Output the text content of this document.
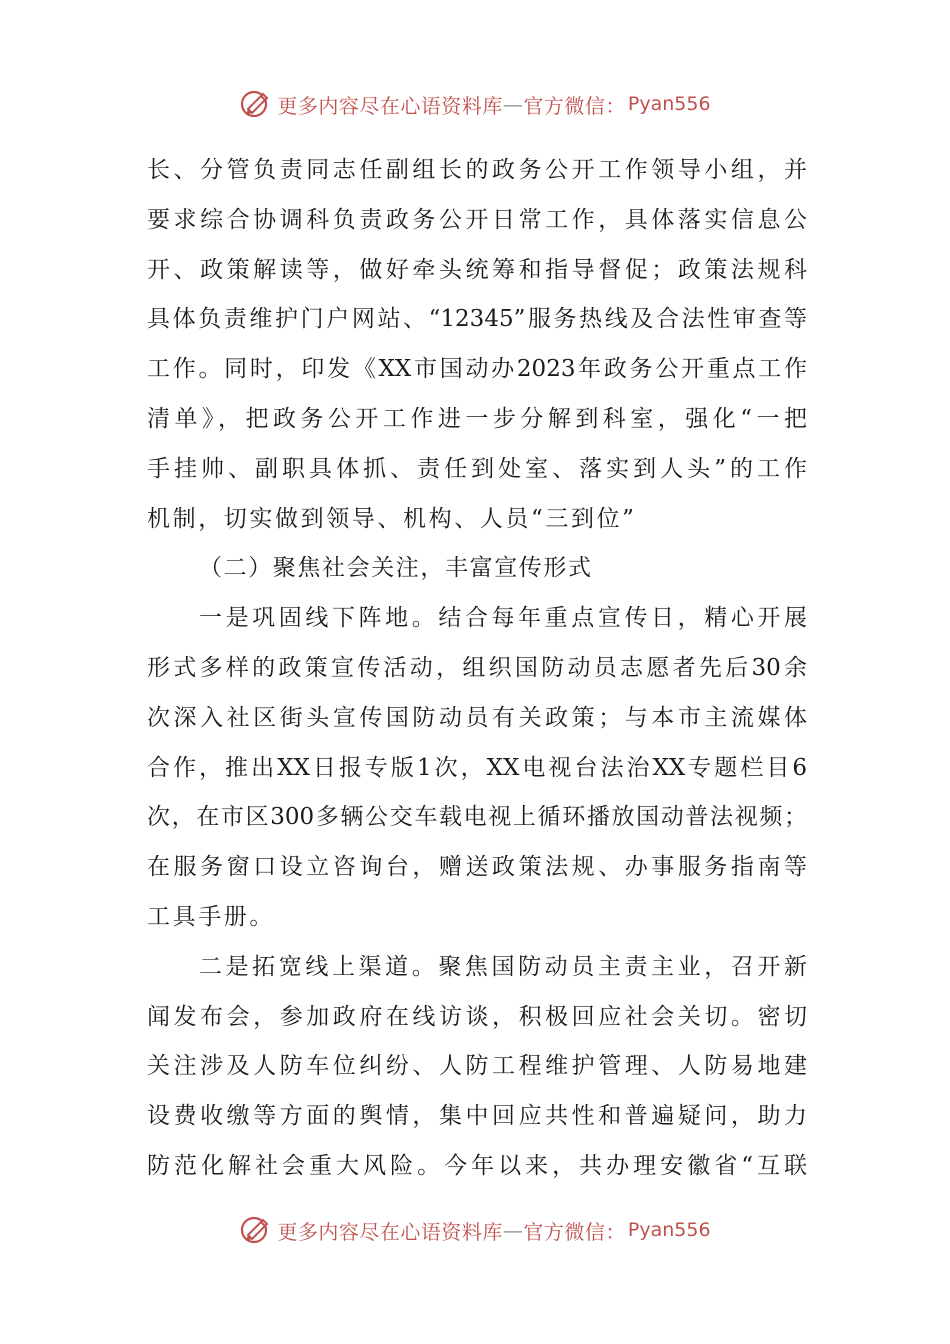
更多内容尽在心语资料库 — 官方微信： Pyan556
长、分管负责同志任副组长的政务公开工作领导小组，并
要求综合协调科负责政务公开日常工作，具体落实信息公
开、政策解读等，做好牵头统筹和指导督促；政策法规科
具体负责维护门户网站、“12345”服务热线及合法性审查等
工作。同时，印发《XX市国动办2023年政务公开重点工作
清单》，把政务公开工作进一步分解到科室，强化“一把
手挂帅、副职具体抓、责任到处室、落实到人头”的工作
机制，切实做到领导、机构、人员“三到位”
（二）聚焦社会关注，丰富宣传形式
一是巩固线下阵地。结合每年重点宣传日，精心开展
形式多样的政策宣传活动，组织国防动员志愿者先后30余
次深入社区街头宣传国防动员有关政策；与本市主流媒体
合作，推出XX日报专版1次，XX电视台法治XX专题栏目6
次，在市区300多辆公交车载电视上循环播放国动普法视频；
在服务窗口设立咨询台，赠送政策法规、办事服务指南等
工具手册。
二是拓宽线上渠道。聚焦国防动员主责主业，召开新
闻发布会，参加政府在线访谈，积极回应社会关切。密切
关注涉及人防车位纠纷、人防工程维护管理、人防易地建
设费收缴等方面的舆情，集中回应共性和普遍疑问，助力
防范化解社会重大风险。今年以来，共办理安徽省“互联
更多内容尽在心语资料库 — 官方微信： Pyan556
